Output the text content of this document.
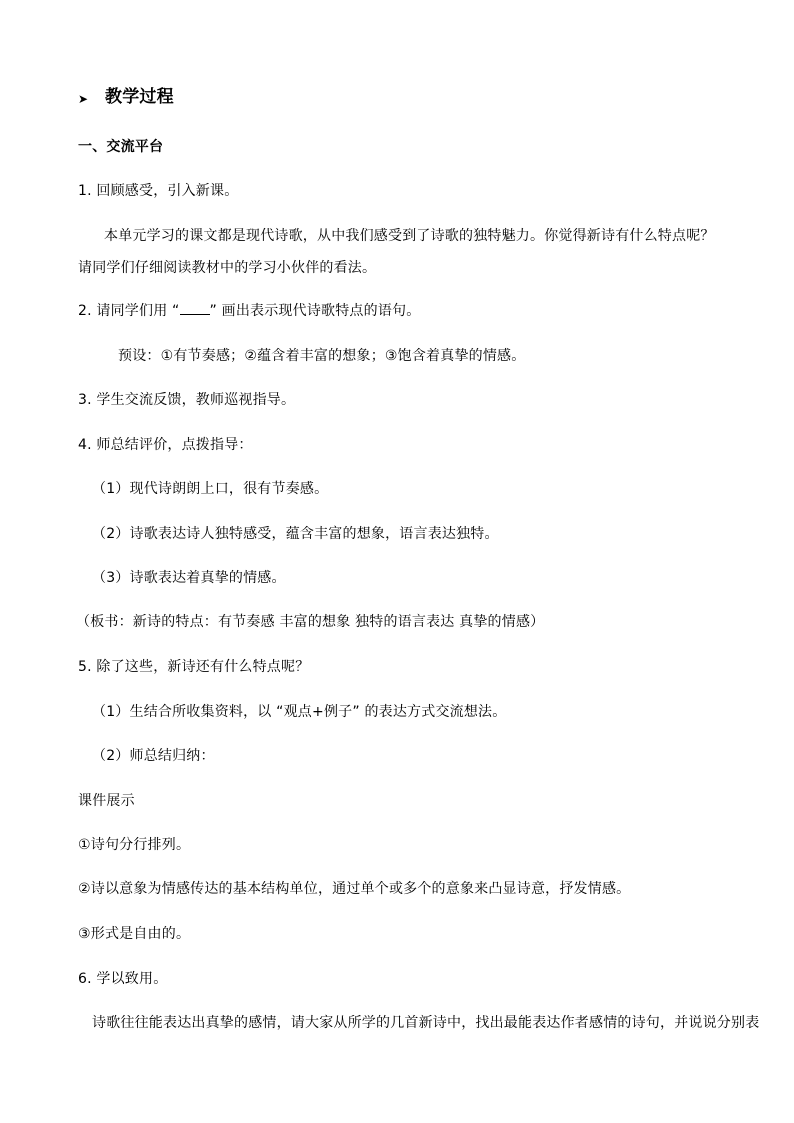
➤ 教学过程
一、交流平台
1. 回顾感受，引入新课。
本单元学习的课文都是现代诗歌，从中我们感受到了诗歌的独特魅力。你觉得新诗有什么特点呢？
请同学们仔细阅读教材中的学习小伙伴的看法。
2. 请同学们用 “ ” 画出表示现代诗歌特点的语句。
预设：①有节奏感；②蕴含着丰富的想象；③饱含着真挚的情感。
3. 学生交流反馈，教师巡视指导。
4. 师总结评价，点拨指导：
（1）现代诗朗朗上口，很有节奏感。
（2）诗歌表达诗人独特感受，蕴含丰富的想象，语言表达独特。
（3）诗歌表达着真挚的情感。
（板书：新诗的特点：有节奏感 丰富的想象 独特的语言表达 真挚的情感）
5. 除了这些，新诗还有什么特点呢？
（1）生结合所收集资料，以 “观点+例子” 的表达方式交流想法。
（2）师总结归纳：
课件展示
①诗句分行排列。
②诗以意象为情感传达的基本结构单位，通过单个或多个的意象来凸显诗意，抒发情感。
③形式是自由的。
6. 学以致用。
诗歌往往能表达出真挚的感情，请大家从所学的几首新诗中，找出最能表达作者感情的诗句，并说说分别表
